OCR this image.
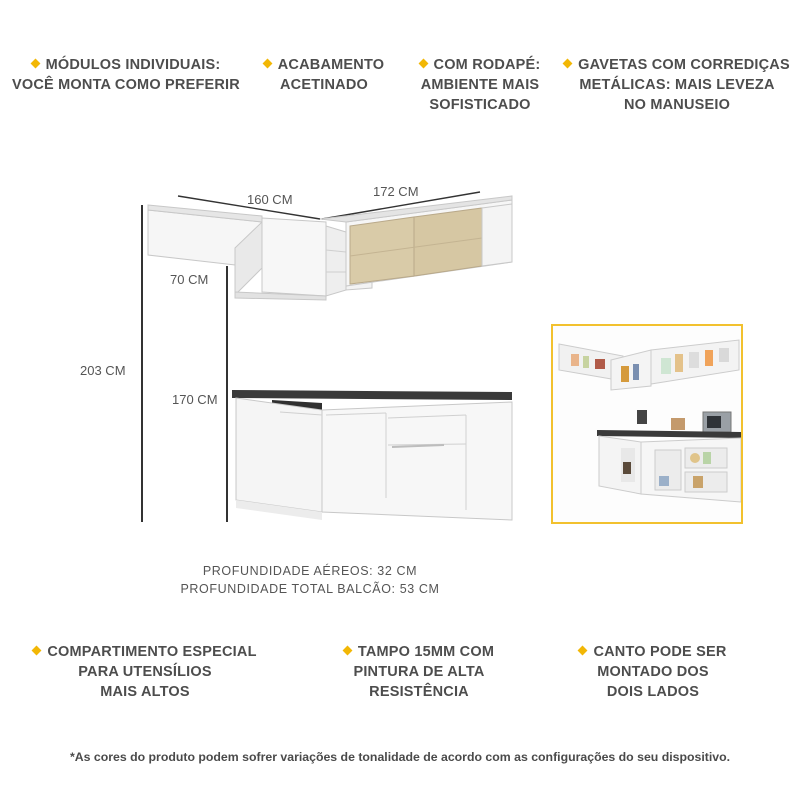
MÓDULOS INDIVIDUAIS:
VOCÊ MONTA COMO PREFERIR
ACABAMENTO
ACETINADO
COM RODAPÉ:
AMBIENTE MAIS
SOFISTICADO
GAVETAS COM CORREDIÇAS
METÁLICAS: MAIS LEVEZA
NO MANUSEIO
160 CM
172 CM
70 CM
203 CM
170 CM
PROFUNDIDADE AÉREOS: 32 CM
PROFUNDIDADE TOTAL BALCÃO: 53 CM
COMPARTIMENTO ESPECIAL
PARA UTENSÍLIOS
MAIS ALTOS
TAMPO 15MM COM
PINTURA DE ALTA
RESISTÊNCIA
CANTO PODE SER
MONTADO DOS
DOIS LADOS
*As cores do produto podem sofrer variações de tonalidade de acordo com as configurações do seu dispositivo.
